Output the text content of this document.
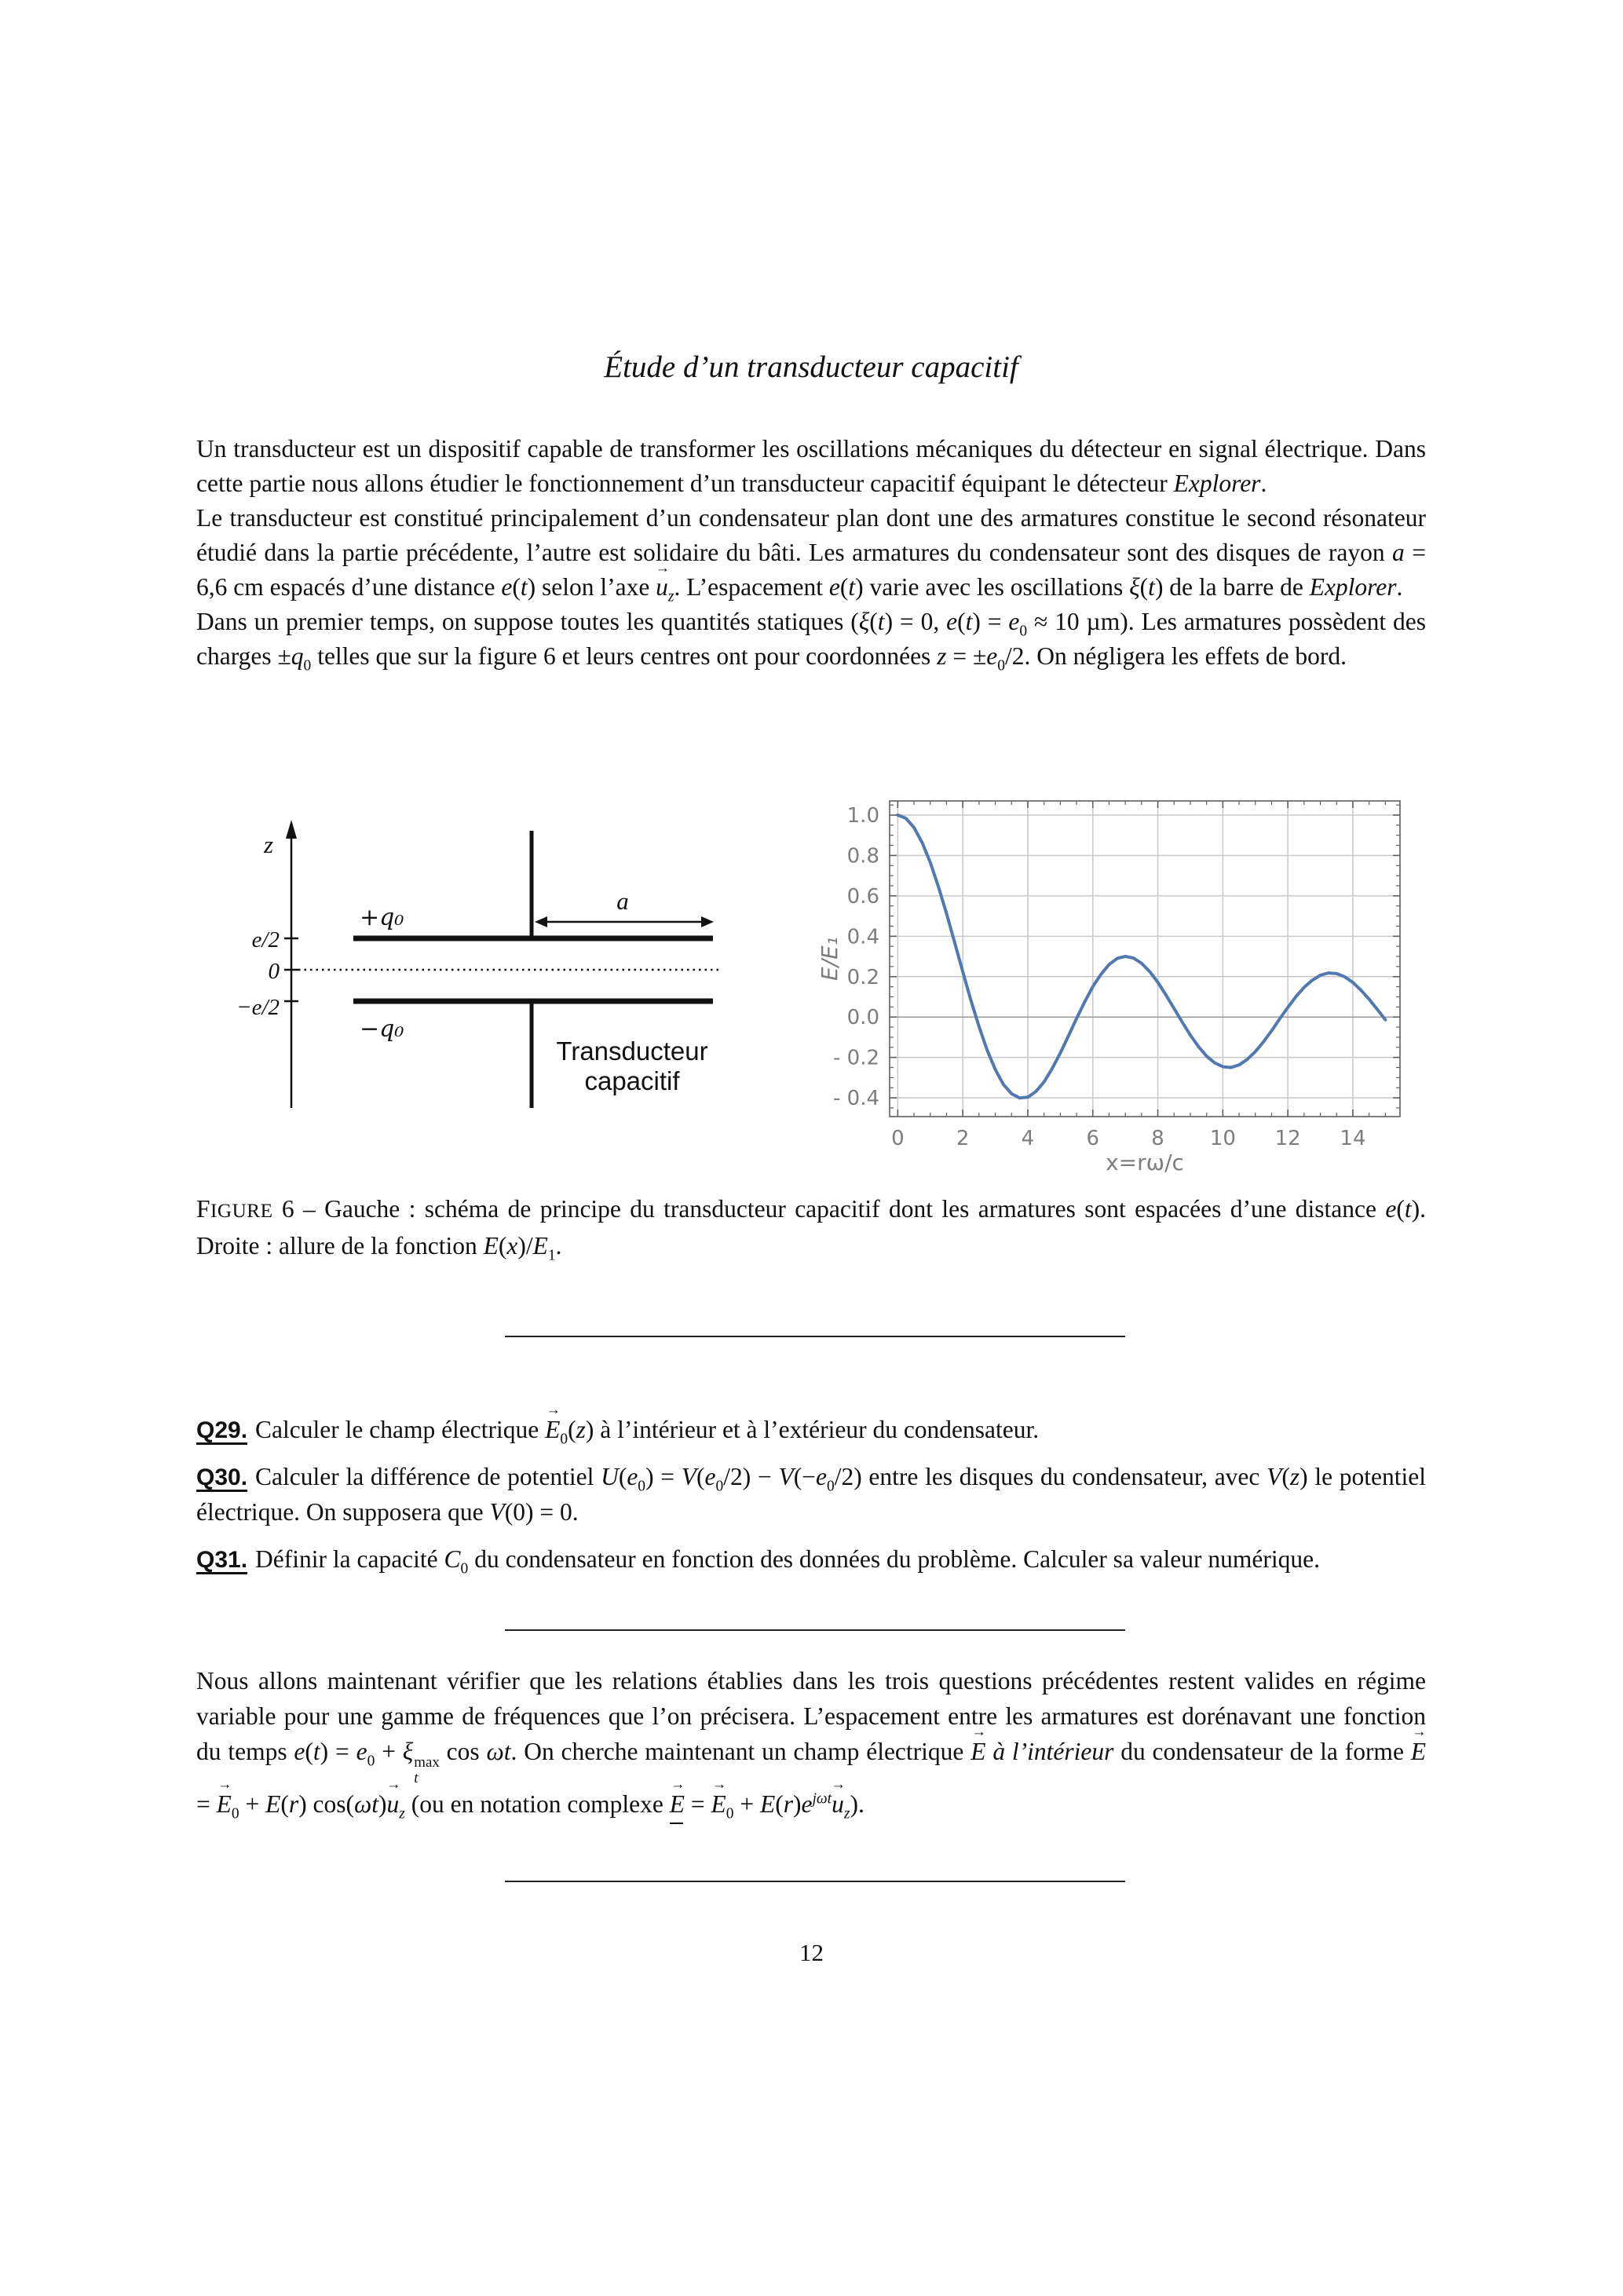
Étude d’un transducteur capacitif

Un transducteur est un dispositif capable de transformer les oscillations mécaniques du détecteur en signal électrique. Dans cette partie nous allons étudier le fonctionnement d’un transducteur capacitif équipant le détecteur Explorer.

Le transducteur est constitué principalement d’un condensateur plan dont une des armatures constitue le second résonateur étudié dans la partie précédente, l’autre est solidaire du bâti. Les armatures du condensateur sont des disques de rayon a = 6,6 cm espacés d’une distance e(t) selon l’axe $u \to_z$. L’espacement e(t) varie avec les oscillations ξ(t) de la barre de Explorer.

Dans un premier temps, on suppose toutes les quantités statiques (ξ(t) = 0, $e(t) = e_0 \approx 10$ µm). Les armatures possèdent des charges $\pm q_0$ telles que sur la figure 6 et leurs centres ont pour coordonnées $z = \pm e_0/2$. On négligera les effets de bord.

z
e/2
0
−e/2
+q₀
−q₀
a
Transducteur
capacitif
0	2	4	6	8 10 12 14
1.0
0.8
0.6
0.4
0.2
0.0
- 0.2
- 0.4
E/E₁
x=rω/c
FIGURE 6 – Gauche : schéma de principe du transducteur capacitif dont les armatures sont espacées d’une distance e(t). Droite : allure de la fonction $E(x)/E_1$.

Q29. Calculer le champ électrique $E \to_0(z)$ à l’intérieur et à l’extérieur du condensateur.

Q30. Calculer la différence de potentiel $U(e_0) = V(e_0/2) - V(-e_0/2)$ entre les disques du condensateur, avec V(z) le potentiel électrique. On supposera que V(0) = 0.

Q31. Définir la capacité $C_0$ du condensateur en fonction des données du problème. Calculer sa valeur numérique.

Nous allons maintenant vérifier que les relations établies dans les trois questions précédentes restent valides en régime variable pour une gamme de fréquences que l’on précisera. L’espacement entre les armatures est dorénavant une fonction du temps $e(t) = e_0 + \xi$ max
t
cos ωt. On cherche maintenant un champ électrique E → à l’intérieur du condensateur de la forme E → = $E \to_0 + E(r)$ $\cos(\omega t)u \to_z$ (ou en notation complexe E → = $E \to_0 + E(r)e^{j\omega t}u \to_z$).
12
